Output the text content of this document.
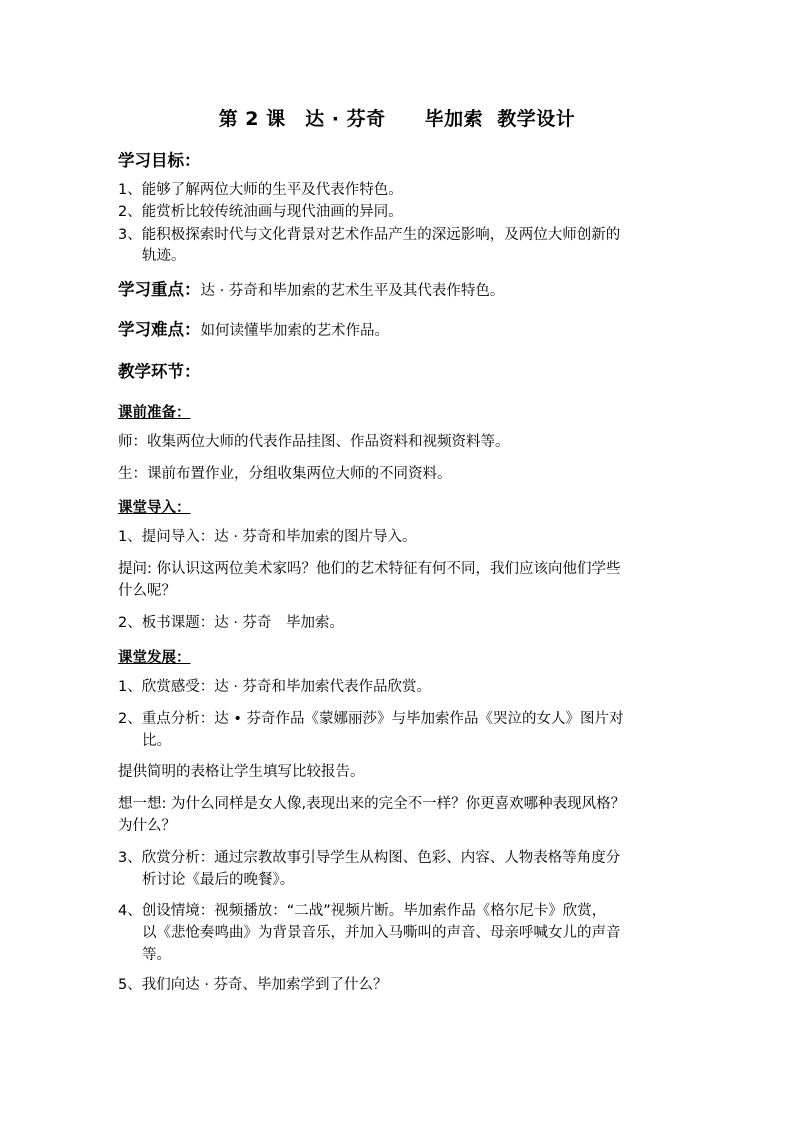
第 2 课　达 · 芬奇　　毕加索  教学设计
学习目标：
1、能够了解两位大师的生平及代表作特色。
2、能赏析比较传统油画与现代油画的异同。
3、能积极探索时代与文化背景对艺术作品产生的深远影响，及两位大师创新的
轨迹。
学习重点：达 · 芬奇和毕加索的艺术生平及其代表作特色。
学习难点：如何读懂毕加索的艺术作品。
教学环节：
课前准备：
师：收集两位大师的代表作品挂图、作品资料和视频资料等。
生：课前布置作业，分组收集两位大师的不同资料。
课堂导入：
1、提问导入：达 · 芬奇和毕加索的图片导入。
提问: 你认识这两位美术家吗？他们的艺术特征有何不同，我们应该向他们学些
什么呢？
2、板书课题：达 · 芬奇　毕加索。
课堂发展：
1、欣赏感受：达 · 芬奇和毕加索代表作品欣赏。
2、重点分析：达 • 芬奇作品《蒙娜丽莎》与毕加索作品《哭泣的女人》图片对
比。
提供简明的表格让学生填写比较报告。
想一想: 为什么同样是女人像,表现出来的完全不一样？你更喜欢哪种表现风格？
为什么？
3、欣赏分析：通过宗教故事引导学生从构图、色彩、内容、人物表格等角度分
析讨论《最后的晚餐》。
4、创设情境：视频播放：“二战”视频片断。毕加索作品《格尔尼卡》欣赏，
以《悲怆奏鸣曲》为背景音乐，并加入马嘶叫的声音、母亲呼喊女儿的声音
等。
5、我们向达 · 芬奇、毕加索学到了什么？
